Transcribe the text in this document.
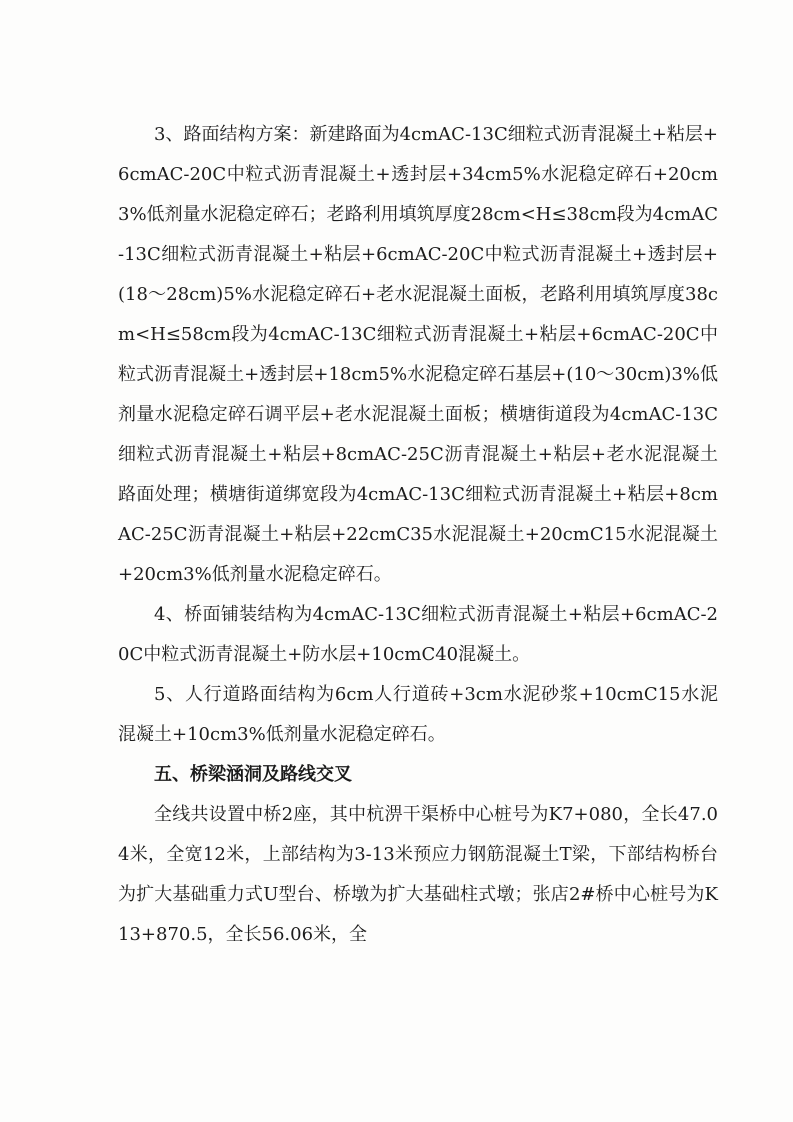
3、路面结构方案：新建路面为4cmAC-13C细粒式沥青混凝土+粘层+6cmAC-20C中粒式沥青混凝土+透封层+34cm5%水泥稳定碎石+20cm3%低剂量水泥稳定碎石；老路利用填筑厚度28cm<H≤38cm段为4cmAC-13C细粒式沥青混凝土+粘层+6cmAC-20C中粒式沥青混凝土+透封层+(18～28cm)5%水泥稳定碎石+老水泥混凝土面板，老路利用填筑厚度38cm<H≤58cm段为4cmAC-13C细粒式沥青混凝土+粘层+6cmAC-20C中粒式沥青混凝土+透封层+18cm5%水泥稳定碎石基层+(10～30cm)3%低剂量水泥稳定碎石调平层+老水泥混凝土面板；横塘街道段为4cmAC-13C细粒式沥青混凝土+粘层+8cmAC-25C沥青混凝土+粘层+老水泥混凝土路面处理；横塘街道绑宽段为4cmAC-13C细粒式沥青混凝土+粘层+8cmAC-25C沥青混凝土+粘层+22cmC35水泥混凝土+20cmC15水泥混凝土+20cm3%低剂量水泥稳定碎石。

4、桥面铺装结构为4cmAC-13C细粒式沥青混凝土+粘层+6cmAC-20C中粒式沥青混凝土+防水层+10cmC40混凝土。

5、人行道路面结构为6cm人行道砖+3cm水泥砂浆+10cmC15水泥混凝土+10cm3%低剂量水泥稳定碎石。

五、桥梁涵洞及路线交叉

全线共设置中桥2座，其中杭淠干渠桥中心桩号为K7+080，全长47.04米，全宽12米，上部结构为3-13米预应力钢筋混凝土T梁，下部结构桥台为扩大基础重力式U型台、桥墩为扩大基础柱式墩；张店2#桥中心桩号为K13+870.5，全长56.06米，全
